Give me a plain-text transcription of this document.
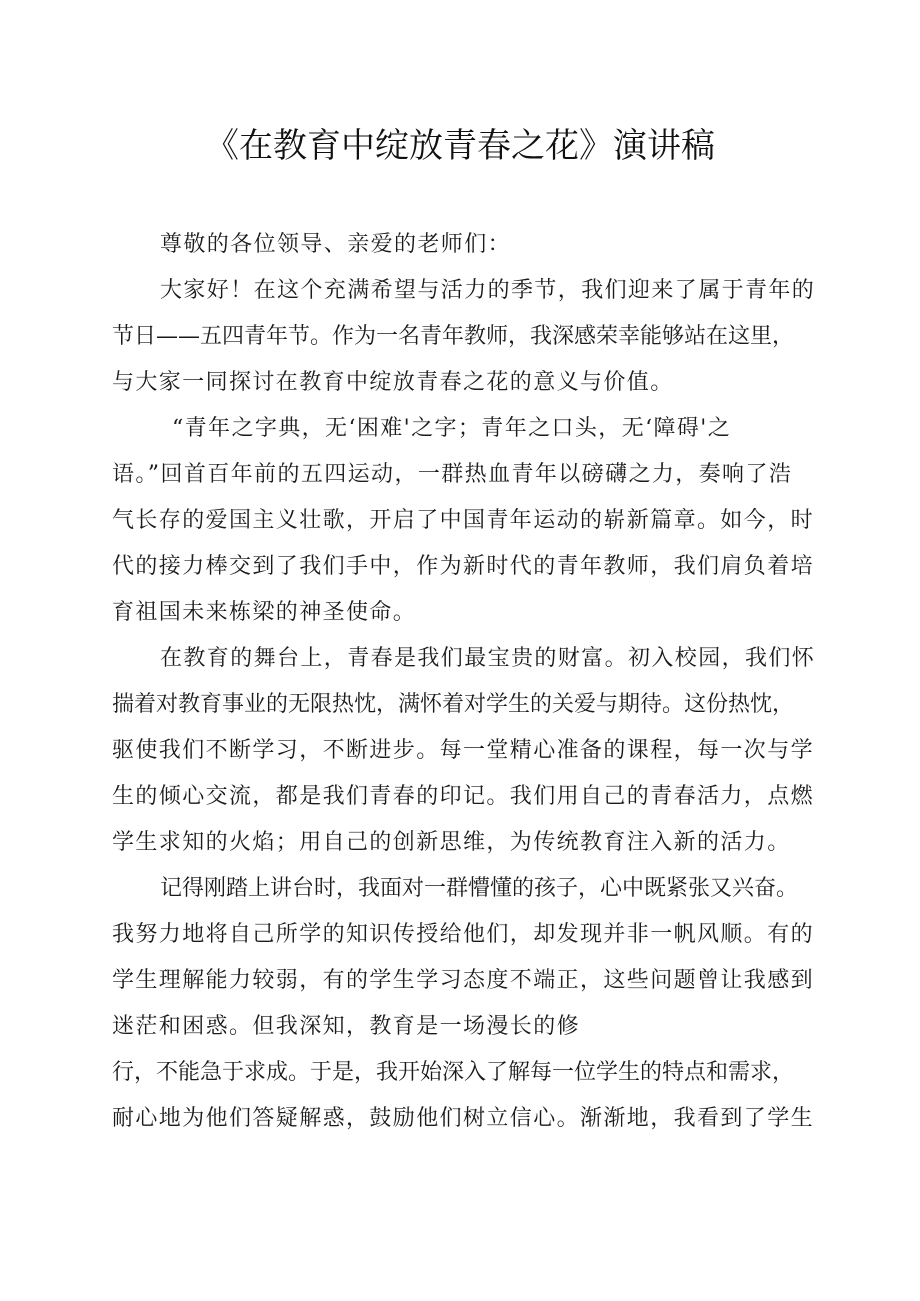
《在教育中绽放青春之花》演讲稿
尊敬的各位领导、亲爱的老师们：
大家好！在这个充满希望与活力的季节，我们迎来了属于青年的
节日——五四青年节。作为一名青年教师，我深感荣幸能够站在这里，
与大家一同探讨在教育中绽放青春之花的意义与价值。
“青年之字典，无‘困难'之字；青年之口头，无‘障碍'之
语。”回首百年前的五四运动，一群热血青年以磅礴之力，奏响了浩
气长存的爱国主义壮歌，开启了中国青年运动的崭新篇章。如今，时
代的接力棒交到了我们手中，作为新时代的青年教师，我们肩负着培
育祖国未来栋梁的神圣使命。
在教育的舞台上，青春是我们最宝贵的财富。初入校园，我们怀
揣着对教育事业的无限热忱，满怀着对学生的关爱与期待。这份热忱，
驱使我们不断学习，不断进步。每一堂精心准备的课程，每一次与学
生的倾心交流，都是我们青春的印记。我们用自己的青春活力，点燃
学生求知的火焰；用自己的创新思维，为传统教育注入新的活力。
记得刚踏上讲台时，我面对一群懵懂的孩子，心中既紧张又兴奋。
我努力地将自己所学的知识传授给他们，却发现并非一帆风顺。有的
学生理解能力较弱，有的学生学习态度不端正，这些问题曾让我感到
迷茫和困惑。但我深知，教育是一场漫长的修
行，不能急于求成。于是，我开始深入了解每一位学生的特点和需求，
耐心地为他们答疑解惑，鼓励他们树立信心。渐渐地，我看到了学生
